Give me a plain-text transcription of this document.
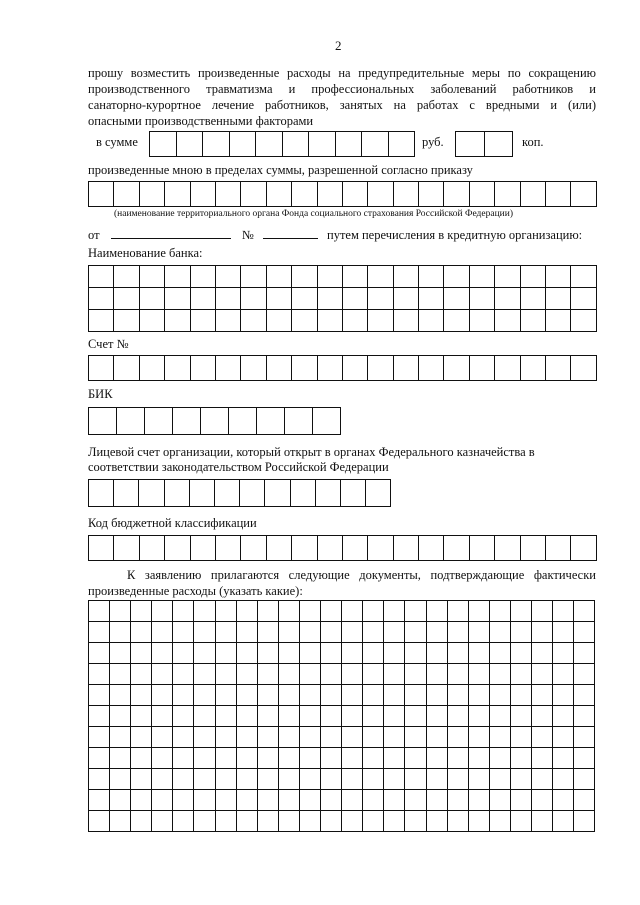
2
прошу возместить произведенные расходы на предупредительные меры по сокращению
производственного травматизма и профессиональных заболеваний работников и
санаторно-курортное лечение работников, занятых на работах с вредными и (или)
опасными производственными факторами
в сумме	руб.	коп.
произведенные мною в пределах суммы, разрешенной согласно приказу
(наименование территориального органа Фонда социального страхования Российской Федерации)
от	№	путем перечисления в кредитную организацию:
Наименование банка:
Счет №
БИК
Лицевой счет организации, который открыт в органах Федерального казначейства в
соответствии законодательством Российской Федерации
Код бюджетной классификации
К заявлению прилагаются следующие документы, подтверждающие фактически
произведенные расходы (указать какие):
